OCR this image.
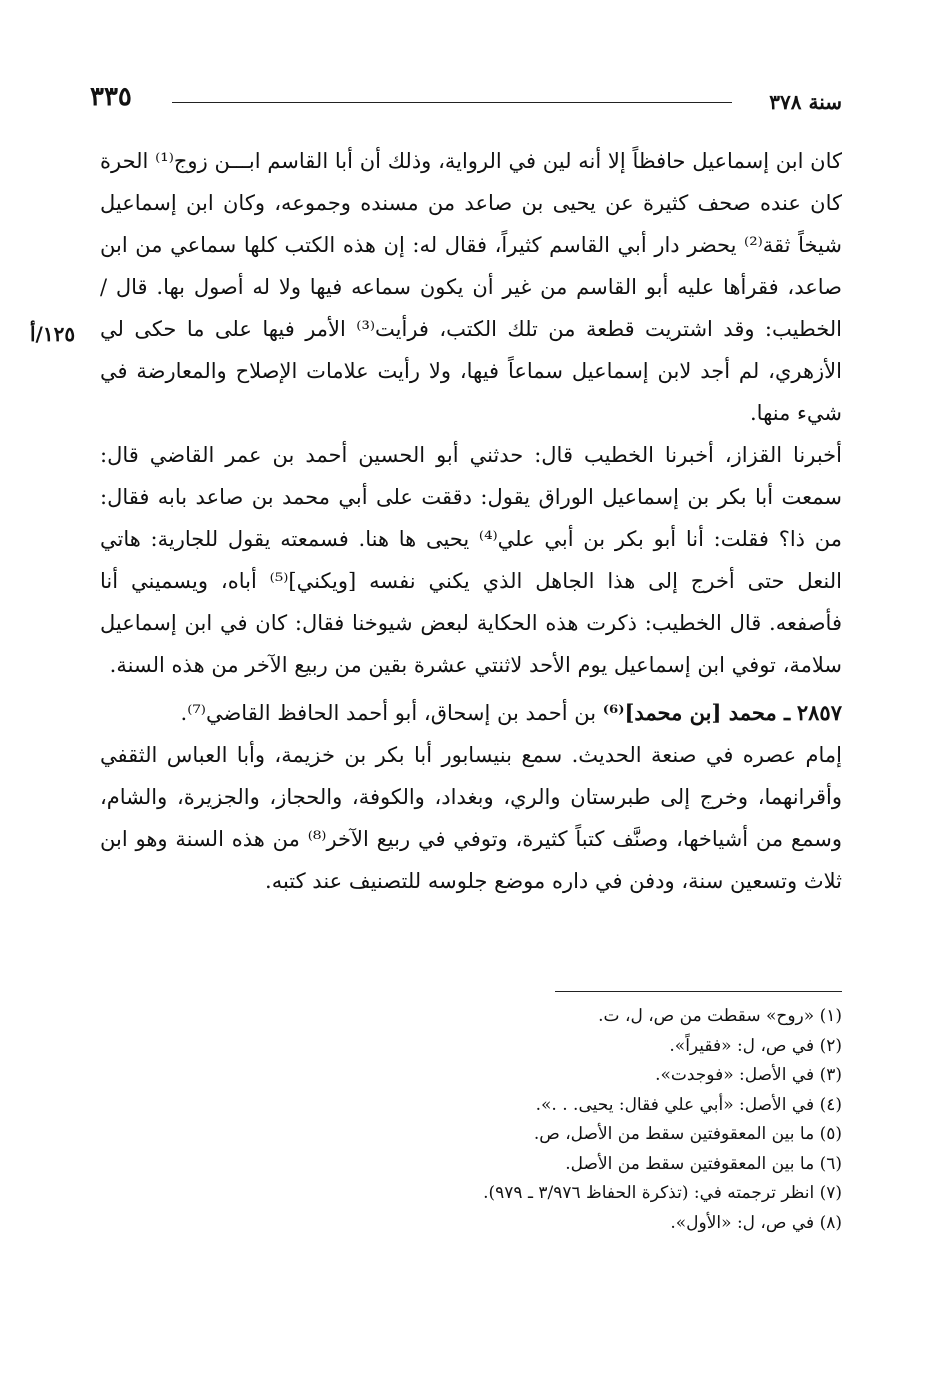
سنة ٣٧٨
٣٣٥
١٢٥/أ

كان ابن إسماعيل حافظاً إلا أنه لين في الرواية، وذلك أن أبا القاسم ابـــن زوج⁽¹⁾ الحرة كان عنده صحف كثيرة عن يحيى بن صاعد من مسنده وجموعه، وكان ابن إسماعيل شيخاً ثقة⁽²⁾ يحضر دار أبي القاسم كثيراً، فقال له: إن هذه الكتب كلها سماعي من ابن صاعد، فقرأها عليه أبو القاسم من غير أن يكون سماعه فيها ولا له أصول بها. قال / الخطيب: وقد اشتريت قطعة من تلك الكتب، فرأيت⁽³⁾ الأمر فيها على ما حكى لي الأزهري، لم أجد لابن إسماعيل سماعاً فيها، ولا رأيت علامات الإصلاح والمعارضة في شيء منها.

أخبرنا القزاز، أخبرنا الخطيب قال: حدثني أبو الحسين أحمد بن عمر القاضي قال: سمعت أبا بكر بن إسماعيل الوراق يقول: دققت على أبي محمد بن صاعد بابه فقال: من ذا؟ فقلت: أنا أبو بكر بن أبي علي⁽⁴⁾ يحيى ها هنا. فسمعته يقول للجارية: هاتي النعل حتى أخرج إلى هذا الجاهل الذي يكني نفسه [ويكني]⁽⁵⁾ أباه، ويسميني أنا فأصفعه. قال الخطيب: ذكرت هذه الحكاية لبعض شيوخنا فقال: كان في ابن إسماعيل سلامة، توفي ابن إسماعيل يوم الأحد لاثنتي عشرة بقين من ربيع الآخر من هذه السنة.

٢٨٥٧ ـ محمد [بن محمد]⁽⁶⁾ بن أحمد بن إسحاق، أبو أحمد الحافظ القاضي⁽⁷⁾.

إمام عصره في صنعة الحديث. سمع بنيسابور أبا بكر بن خزيمة، وأبا العباس الثقفي وأقرانهما، وخرج إلى طبرستان والري، وبغداد، والكوفة، والحجاز، والجزيرة، والشام، وسمع من أشياخها، وصنَّف كتباً كثيرة، وتوفي في ربيع الآخر⁽⁸⁾ من هذه السنة وهو ابن ثلاث وتسعين سنة، ودفن في داره موضع جلوسه للتصنيف عند كتبه.

(١) «روح» سقطت من ص، ل، ت.
(٢) في ص، ل: «فقيراً».
(٣) في الأصل: «فوجدت».
(٤) في الأصل: «أبي علي فقال: يحيى. . .».
(٥) ما بين المعقوفتين سقط من الأصل، ص.
(٦) ما بين المعقوفتين سقط من الأصل.
(٧) انظر ترجمته في: (تذكرة الحفاظ ٣/٩٧٦ ـ ٩٧٩).
(٨) في ص، ل: «الأول».
